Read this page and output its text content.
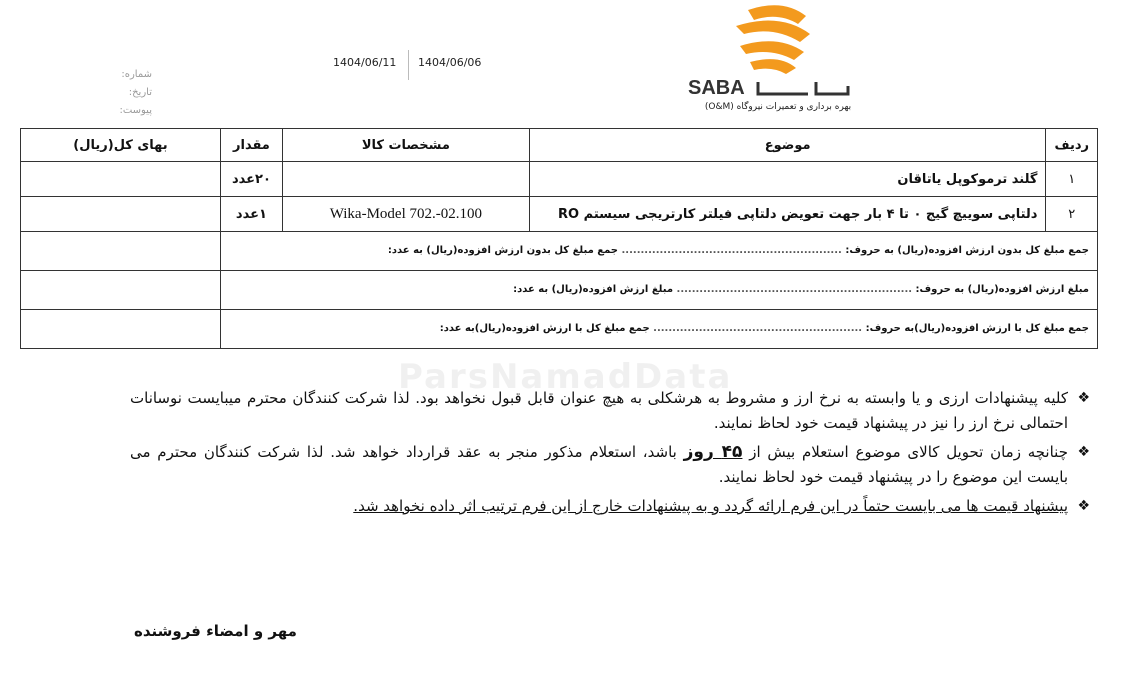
SABA
بهره برداری و تعمیرات نیروگاه (O&M)
شماره:
تاریخ:
پیوست:
1404/06/11 1404/06/06
ردیف	موضوع	مشخصات کالا	مقدار	بهای کل(ریال)
۱	گلند ترموکوپل یاتاقان		۲۰عدد	
۲	دلتاپی سوییچ گیج ۰ تا ۴ بار جهت تعویض دلتاپی فیلتر کارتریجی سیستم RO	Wika-Model 702.-02.100	۱عدد	
جمع مبلغ کل بدون ارزش افزوده(ریال) به حروف: .......................................................... جمع مبلغ کل بدون ارزش افزوده(ریال) به عدد:				
مبلغ ارزش افزوده(ریال) به حروف: .............................................................. مبلغ ارزش افزوده(ریال) به عدد:				
جمع مبلغ کل با ارزش افزوده(ریال)به حروف: ....................................................... جمع مبلغ کل با ارزش افزوده(ریال)به عدد:				
ParsNamadData
❖
کلیه پیشنهادات ارزی و یا وابسته به نرخ ارز و مشروط به هرشکلی به هیچ عنوان قابل قبول نخواهد بود. لذا شرکت کنندگان محترم میبایست نوسانات احتمالی نرخ ارز را نیز در پیشنهاد قیمت خود لحاظ نمایند.
❖
چنانچه زمان تحویل کالای موضوع استعلام بیش از ۴۵ روز باشد، استعلام مذکور منجر به عقد قرارداد خواهد شد. لذا شرکت کنندگان محترم می بایست این موضوع را در پیشنهاد قیمت خود لحاظ نمایند.
❖
پیشنهاد قیمت ها می بایست حتماً در این فرم ارائه گردد و به پیشنهادات خارج از این فرم ترتیب اثر داده نخواهد شد.
مهر و امضاء فروشنده
